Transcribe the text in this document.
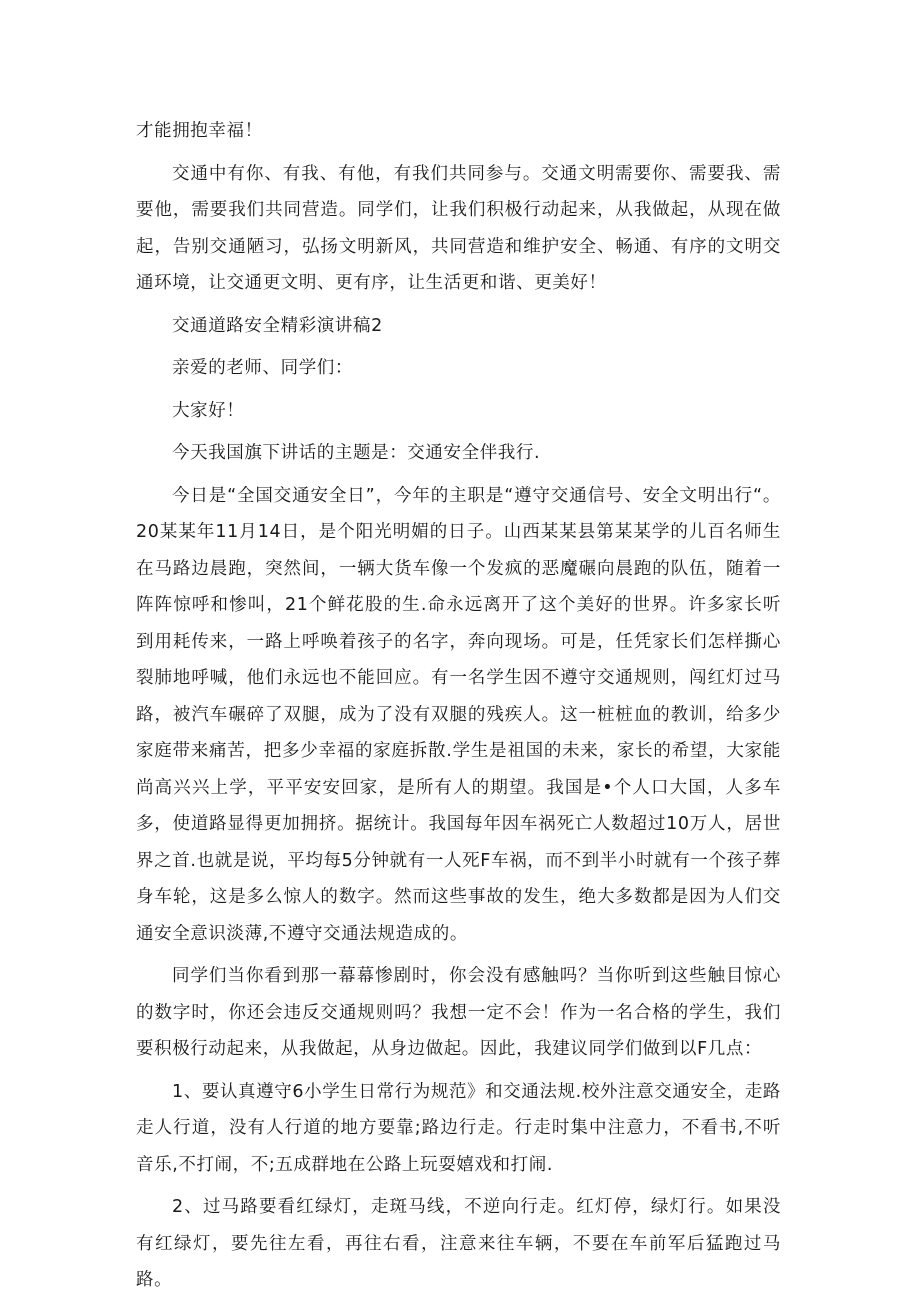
才能拥抱幸福！

交通中有你、有我、有他，有我们共同参与。交通文明需要你、需要我、需要他，需要我们共同营造。同学们，让我们积极行动起来，从我做起，从现在做起，告别交通陋习，弘扬文明新风，共同营造和维护安全、畅通、有序的文明交通环境，让交通更文明、更有序，让生活更和谐、更美好！

交通道路安全精彩演讲稿2

亲爱的老师、同学们：

大家好！

今天我国旗下讲话的主题是：交通安全伴我行.

今日是“全国交通安全日”，今年的主职是“遵守交通信号、安全文明出行“。20某某年11月14日，是个阳光明媚的日子。山西某某县第某某学的儿百名师生在马路边晨跑，突然间，一辆大货车像一个发疯的恶魔碾向晨跑的队伍，随着一阵阵惊呼和惨叫，21个鲜花股的生.命永远离开了这个美好的世界。许多家长听到用耗传来，一路上呼唤着孩子的名字，奔向现场。可是，任凭家长们怎样撕心裂肺地呼喊，他们永远也不能回应。有一名学生因不遵守交通规则，闯红灯过马路，被汽车碾碎了双腿，成为了没有双腿的残疾人。这一桩桩血的教训，给多少家庭带来痛苦，把多少幸福的家庭拆散.学生是祖国的未来，家长的希望，大家能尚高兴兴上学，平平安安回家，是所有人的期望。我国是•个人口大国，人多车多，使道路显得更加拥挤。据统计。我国每年因车祸死亡人数超过10万人，居世界之首.也就是说，平均每5分钟就有一人死F车祸，而不到半小时就有一个孩子葬身车轮，这是多么惊人的数字。然而这些事故的发生，绝大多数都是因为人们交通安全意识淡薄,不遵守交通法规造成的。

同学们当你看到那一幕幕惨剧时，你会没有感触吗？当你听到这些触目惊心的数字时，你还会违反交通规则吗？我想一定不会！作为一名合格的学生，我们要积极行动起来，从我做起，从身边做起。因此，我建议同学们做到以F几点：

1、要认真遵守6小学生日常行为规范》和交通法规.校外注意交通安全，走路走人行道，没有人行道的地方要靠;路边行走。行走时集中注意力，不看书,不听音乐,不打闹，不;五成群地在公路上玩耍嬉戏和打闹.

2、过马路要看红绿灯，走斑马线，不逆向行走。红灯停，绿灯行。如果没有红绿灯，要先往左看，再往右看，注意来往车辆，不要在车前军后猛跑过马路。
